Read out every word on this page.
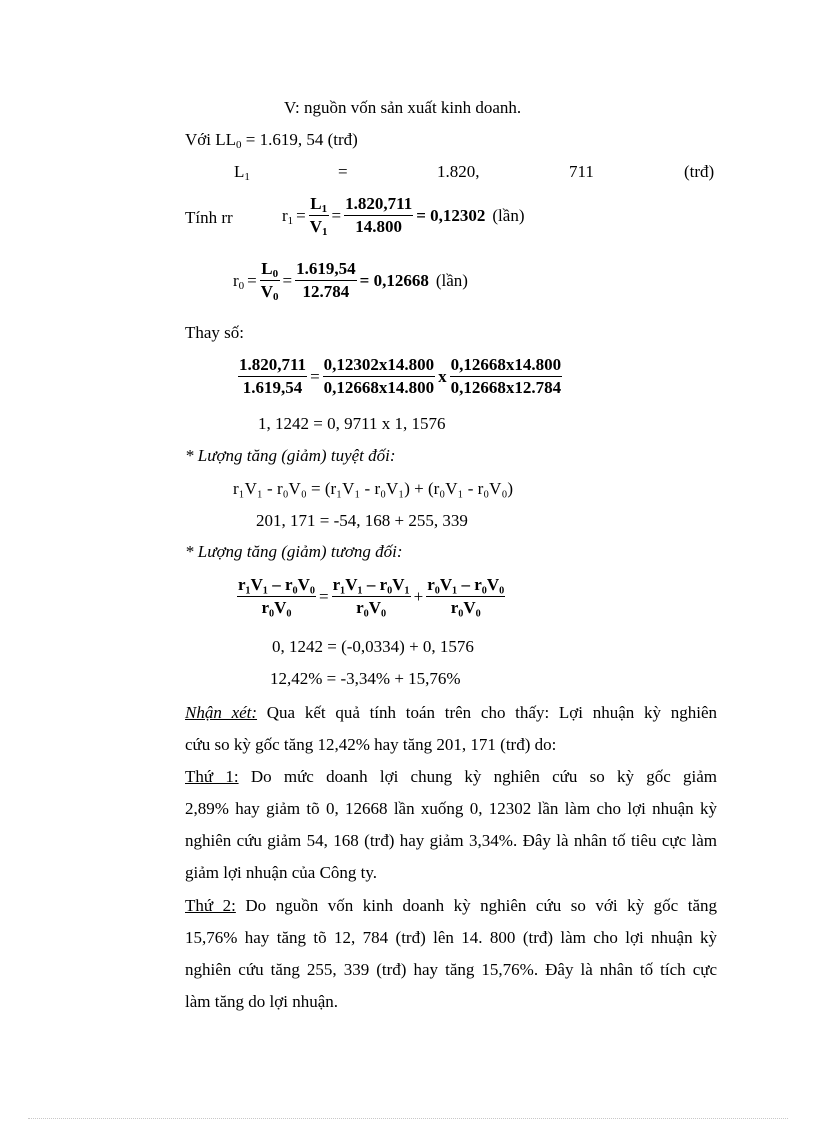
V: nguồn vốn sản xuất kinh doanh.
Với $LL_0 = 1.619$, 54 (trđ)
$L_1$	=	1.820,	711	(trđ)
Tính rr	$r_1 = \frac{L_1}{V_1} = \frac{1.820,711}{14.800} = 0,12302$ (lần)
$r_0 = \frac{L_0}{V_0} = \frac{1.619,54}{12.784} = 0,12668$ (lần)
Thay số:
$\frac{1.820,711}{1.619,54} = \frac{0,12302x14.800}{0,12668x14.800}$ x $\frac{0,12668x14.800}{0,12668x12.784}$
1, 1242 = 0, 9711 x 1, 1576
* Lượng tăng (giảm) tuyệt đối:
r₁V₁ - r₀V₀ = (r₁V₁ - r₀V₁) + (r₀V₁ - r₀V₀)
201, 171 = -54, 168 + 255, 339
* Lượng tăng (giảm) tương đối:
$\frac{\text{r₁V₁ – r₀V₀}}{\text{r₀V₀}} = \frac{\text{r₁V₁ – r₀V₁}}{\text{r₀V₀}} + \frac{\text{r₀V₁ – r₀V₀}}{\text{r₀V₀}}$
0, 1242 = (-0,0334) + 0, 1576
12,42% = -3,34% + 15,76%
Nhận xét: Qua kết quả tính toán trên cho thấy: Lợi nhuận kỳ nghiên
cứu so kỳ gốc tăng 12,42% hay tăng 201, 171 (trđ) do:
Thứ 1: Do mức doanh lợi chung kỳ nghiên cứu so kỳ gốc giảm
2,89% hay giảm tõ 0, 12668 lần xuống 0, 12302 lần làm cho lợi nhuận kỳ
nghiên cứu giảm 54, 168 (trđ) hay giảm 3,34%. Đây là nhân tố tiêu cực làm
giảm lợi nhuận của Công ty.
Thứ 2: Do nguồn vốn kinh doanh kỳ nghiên cứu so với kỳ gốc tăng
15,76% hay tăng tõ 12, 784 (trđ) lên 14. 800 (trđ) làm cho lợi nhuận kỳ
nghiên cứu tăng 255, 339 (trđ) hay tăng 15,76%. Đây là nhân tố tích cực
làm tăng do lợi nhuận.
